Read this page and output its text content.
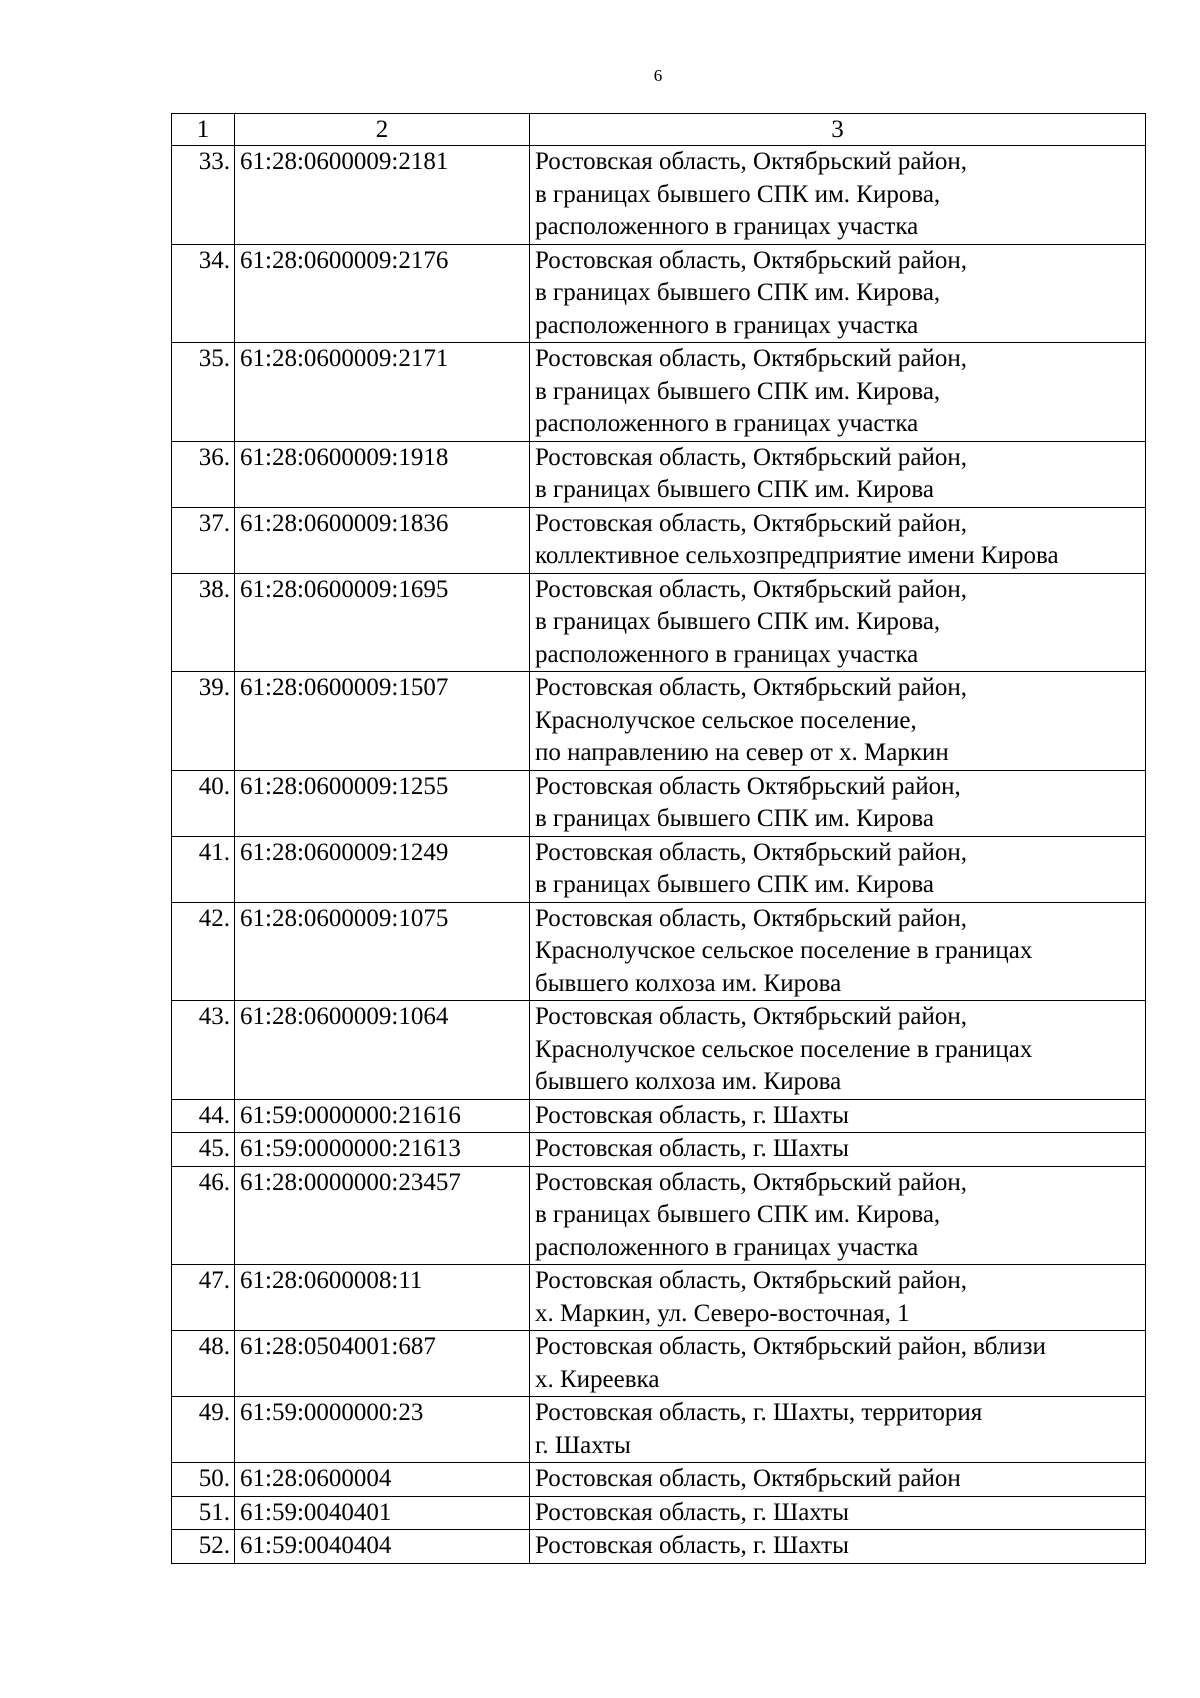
6
1	2	3
33.	61:28:0600009:2181	Ростовская область, Октябрьский район,
в границах бывшего СПК им. Кирова,
расположенного в границах участка

34.	61:28:0600009:2176	Ростовская область, Октябрьский район,
в границах бывшего СПК им. Кирова,
расположенного в границах участка

35.	61:28:0600009:2171	Ростовская область, Октябрьский район,
в границах бывшего СПК им. Кирова,
расположенного в границах участка

36.	61:28:0600009:1918	Ростовская область, Октябрьский район,
в границах бывшего СПК им. Кирова

37.	61:28:0600009:1836	Ростовская область, Октябрьский район,
коллективное сельхозпредприятие имени Кирова

38.	61:28:0600009:1695	Ростовская область, Октябрьский район,
в границах бывшего СПК им. Кирова,
расположенного в границах участка

39.	61:28:0600009:1507	Ростовская область, Октябрьский район,
Краснолучское сельское поселение,
по направлению на север от х. Маркин

40.	61:28:0600009:1255	Ростовская область Октябрьский район,
в границах бывшего СПК им. Кирова

41.	61:28:0600009:1249	Ростовская область, Октябрьский район,
в границах бывшего СПК им. Кирова

42.	61:28:0600009:1075	Ростовская область, Октябрьский район,
Краснолучское сельское поселение в границах
бывшего колхоза им. Кирова

43.	61:28:0600009:1064	Ростовская область, Октябрьский район,
Краснолучское сельское поселение в границах
бывшего колхоза им. Кирова

44.	61:59:0000000:21616	Ростовская область, г. Шахты

45.	61:59:0000000:21613	Ростовская область, г. Шахты

46.	61:28:0000000:23457	Ростовская область, Октябрьский район,
в границах бывшего СПК им. Кирова,
расположенного в границах участка

47.	61:28:0600008:11	Ростовская область, Октябрьский район,
х. Маркин, ул. Северо-восточная, 1

48.	61:28:0504001:687	Ростовская область, Октябрьский район, вблизи
х. Киреевка

49.	61:59:0000000:23	Ростовская область, г. Шахты, территория
г. Шахты

50.	61:28:0600004	Ростовская область, Октябрьский район

51.	61:59:0040401	Ростовская область, г. Шахты

52.	61:59:0040404	Ростовская область, г. Шахты
